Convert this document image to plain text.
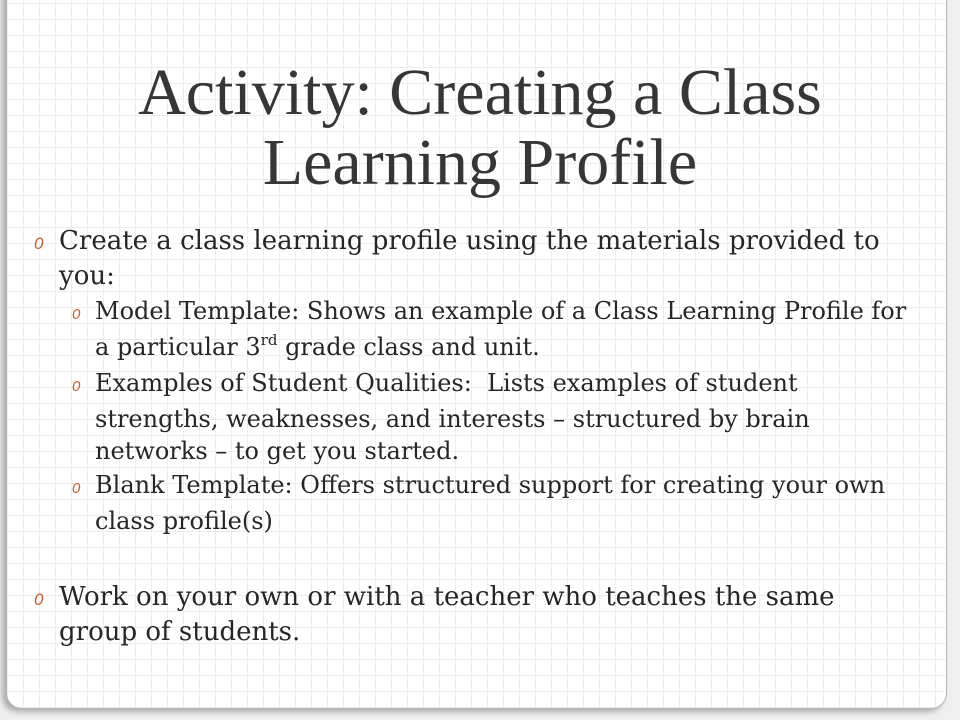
Activity: Creating a Class Learning Profile
0 Create a class learning profile using the materials provided to
you:
0 Model Template: Shows an example of a Class Learning Profile for
a particular 3rd grade class and unit.
0 Examples of Student Qualities:  Lists examples of student
strengths, weaknesses, and interests – structured by brain
networks – to get you started.
0 Blank Template: Offers structured support for creating your own
class profile(s)
0 Work on your own or with a teacher who teaches the same
group of students.
